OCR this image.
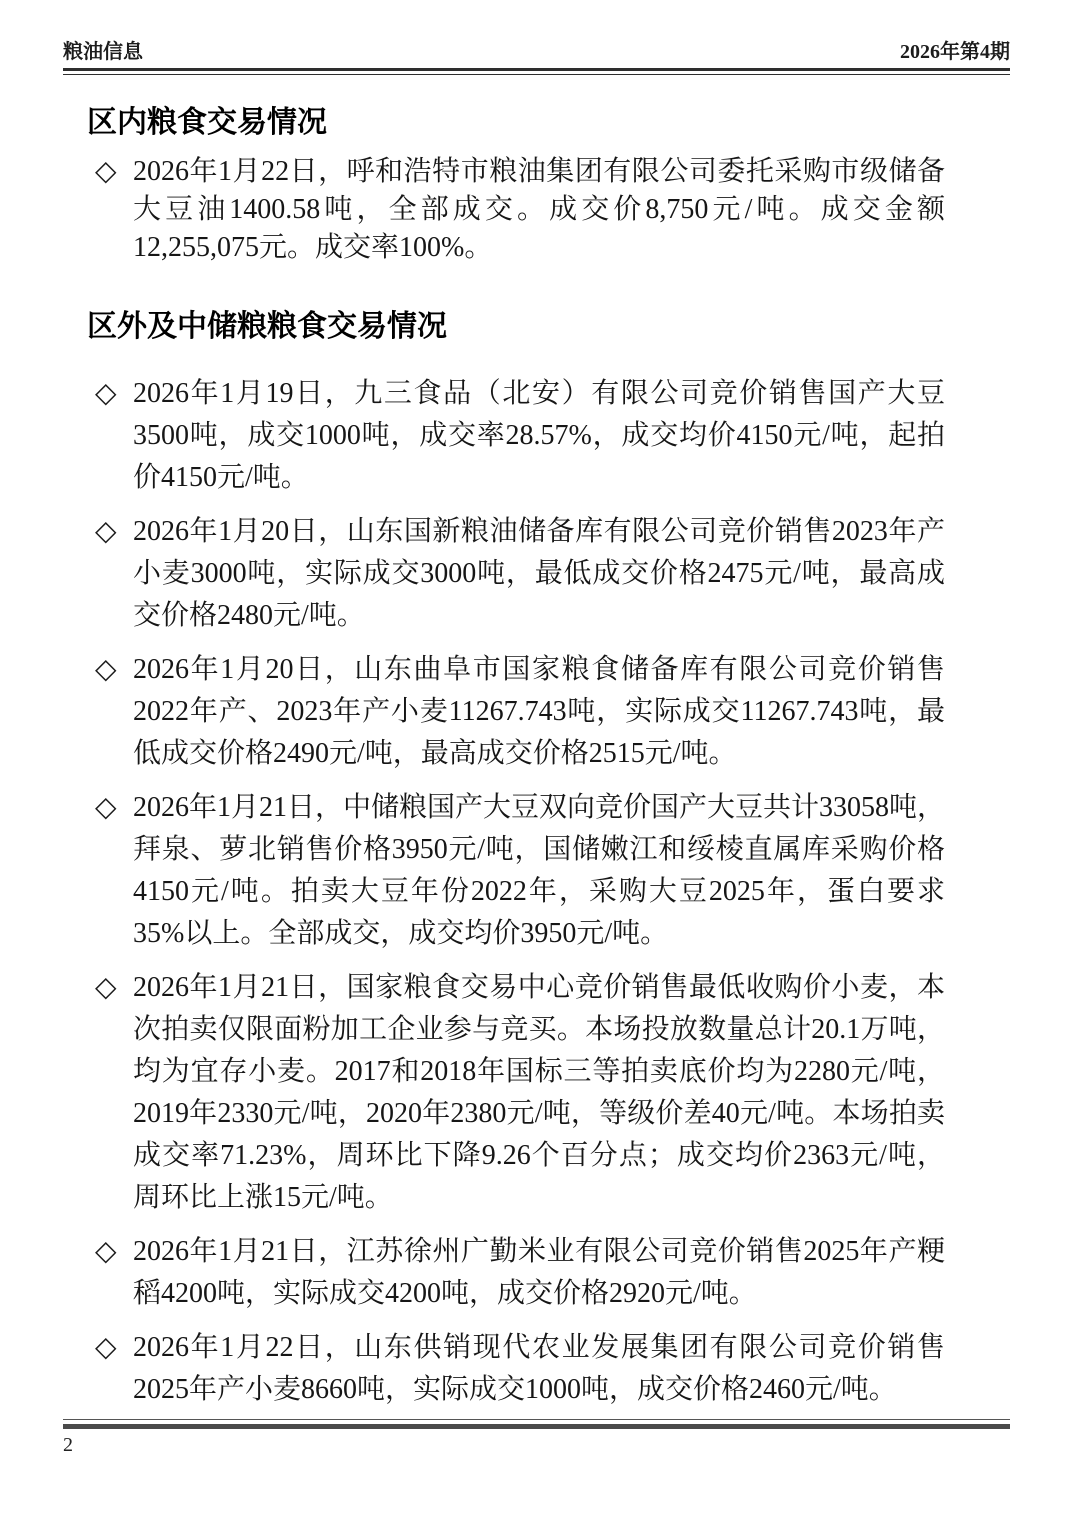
粮油信息	2026年第4期
区内粮食交易情况
◇ 2026年1月22日，呼和浩特市粮油集团有限公司委托采购市级储备大豆油1400.58吨，全部成交。成交价8,750元/吨。成交金额12,255,075元。成交率100%。
区外及中储粮粮食交易情况
◇ 2026年1月19日，九三食品（北安）有限公司竞价销售国产大豆3500吨，成交1000吨，成交率28.57%，成交均价4150元/吨，起拍价4150元/吨。
◇ 2026年1月20日，山东国新粮油储备库有限公司竞价销售2023年产小麦3000吨，实际成交3000吨，最低成交价格2475元/吨，最高成交价格2480元/吨。
◇ 2026年1月20日，山东曲阜市国家粮食储备库有限公司竞价销售2022年产、2023年产小麦11267.743吨，实际成交11267.743吨，最低成交价格2490元/吨，最高成交价格2515元/吨。
◇ 2026年1月21日，中储粮国产大豆双向竞价国产大豆共计33058吨，拜泉、萝北销售价格3950元/吨，国储嫩江和绥棱直属库采购价格4150元/吨。拍卖大豆年份2022年，采购大豆2025年，蛋白要求35%以上。全部成交，成交均价3950元/吨。
◇ 2026年1月21日，国家粮食交易中心竞价销售最低收购价小麦，本次拍卖仅限面粉加工企业参与竞买。本场投放数量总计20.1万吨，均为宜存小麦。2017和2018年国标三等拍卖底价均为2280元/吨，2019年2330元/吨，2020年2380元/吨，等级价差40元/吨。本场拍卖成交率71.23%，周环比下降9.26个百分点；成交均价2363元/吨，周环比上涨15元/吨。
◇ 2026年1月21日，江苏徐州广勤米业有限公司竞价销售2025年产粳稻4200吨，实际成交4200吨，成交价格2920元/吨。
◇ 2026年1月22日，山东供销现代农业发展集团有限公司竞价销售2025年产小麦8660吨，实际成交1000吨，成交价格2460元/吨。
2
